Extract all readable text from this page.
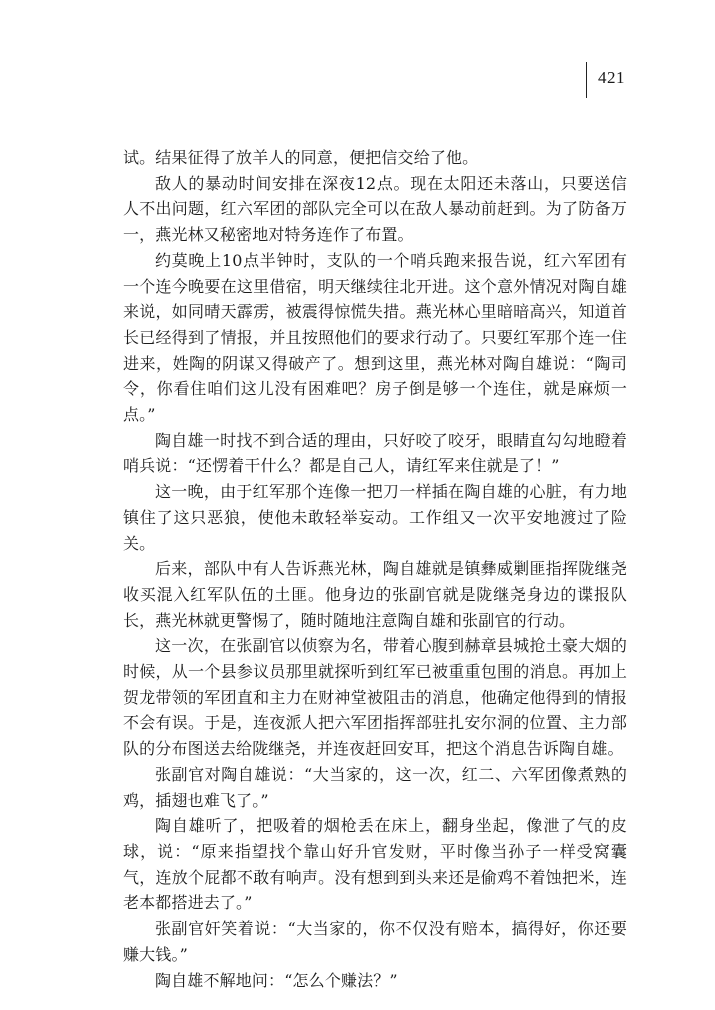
421

试。结果征得了放羊人的同意，便把信交给了他。

敌人的暴动时间安排在深夜12点。现在太阳还未落山，只要送信人不出问题，红六军团的部队完全可以在敌人暴动前赶到。为了防备万一，燕光林又秘密地对特务连作了布置。

约莫晚上10点半钟时，支队的一个哨兵跑来报告说，红六军团有一个连今晚要在这里借宿，明天继续往北开进。这个意外情况对陶自雄来说，如同晴天霹雳，被震得惊慌失措。燕光林心里暗暗高兴，知道首长已经得到了情报，并且按照他们的要求行动了。只要红军那个连一住进来，姓陶的阴谋又得破产了。想到这里，燕光林对陶自雄说：“陶司令，你看住咱们这儿没有困难吧？房子倒是够一个连住，就是麻烦一点。”

陶自雄一时找不到合适的理由，只好咬了咬牙，眼睛直勾勾地瞪着哨兵说：“还愣着干什么？都是自己人，请红军来住就是了！”

这一晚，由于红军那个连像一把刀一样插在陶自雄的心脏，有力地镇住了这只恶狼，使他未敢轻举妄动。工作组又一次平安地渡过了险关。

后来，部队中有人告诉燕光林，陶自雄就是镇彝威剿匪指挥陇继尧收买混入红军队伍的土匪。他身边的张副官就是陇继尧身边的谍报队长，燕光林就更警惕了，随时随地注意陶自雄和张副官的行动。

这一次，在张副官以侦察为名，带着心腹到赫章县城抢土豪大烟的时候，从一个县参议员那里就探听到红军已被重重包围的消息。再加上贺龙带领的军团直和主力在财神堂被阻击的消息，他确定他得到的情报不会有误。于是，连夜派人把六军团指挥部驻扎安尔洞的位置、主力部队的分布图送去给陇继尧，并连夜赶回安耳，把这个消息告诉陶自雄。

张副官对陶自雄说：“大当家的，这一次，红二、六军团像煮熟的鸡，插翅也难飞了。”

陶自雄听了，把吸着的烟枪丢在床上，翻身坐起，像泄了气的皮球，说：“原来指望找个靠山好升官发财，平时像当孙子一样受窝囊气，连放个屁都不敢有响声。没有想到到头来还是偷鸡不着蚀把米，连老本都搭进去了。”

张副官奸笑着说：“大当家的，你不仅没有赔本，搞得好，你还要赚大钱。”

陶自雄不解地问：“怎么个赚法？”
